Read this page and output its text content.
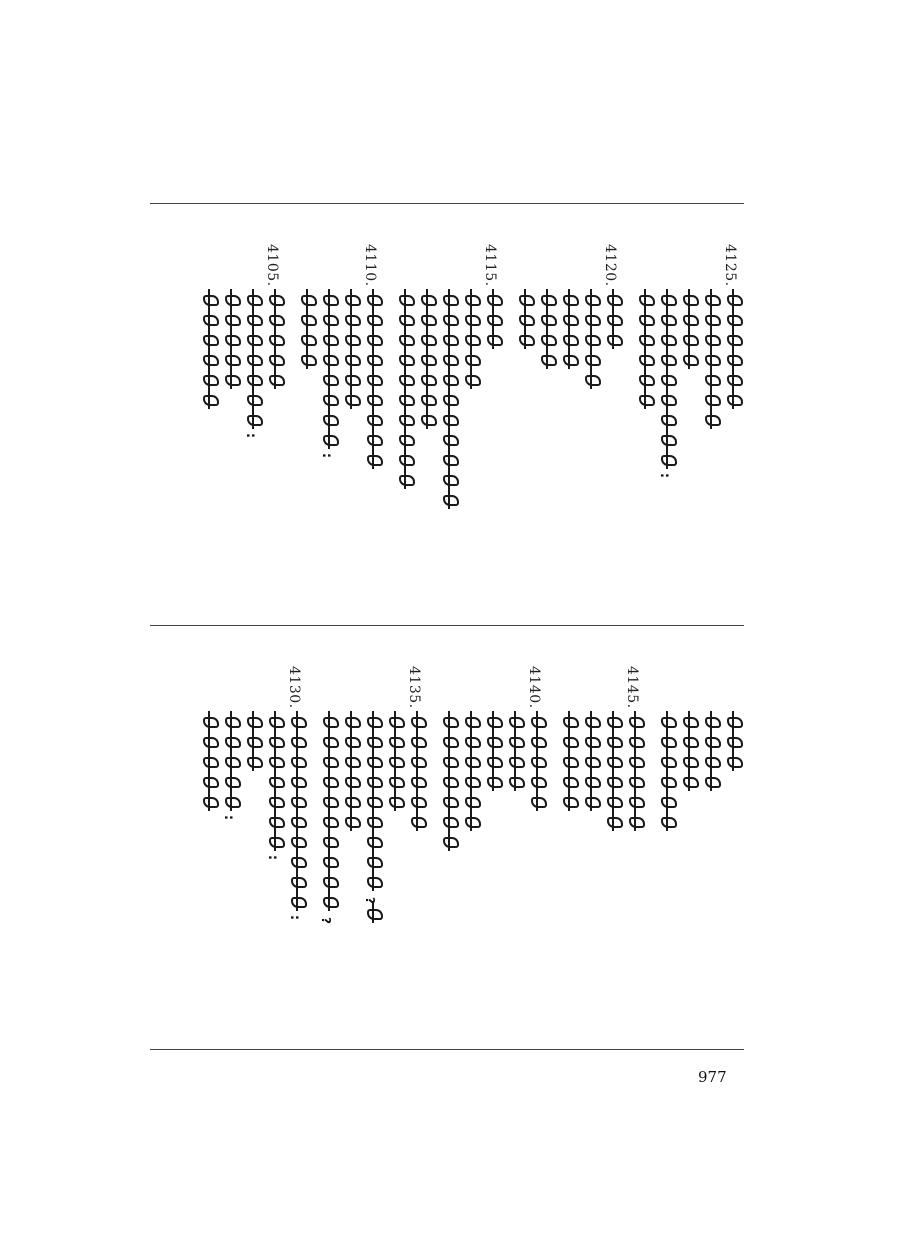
4125.
:
4120.
4115.
4110.
:
4105.
:
4145.
4140.
4135.
?
?
4130.
:
:
:
977
